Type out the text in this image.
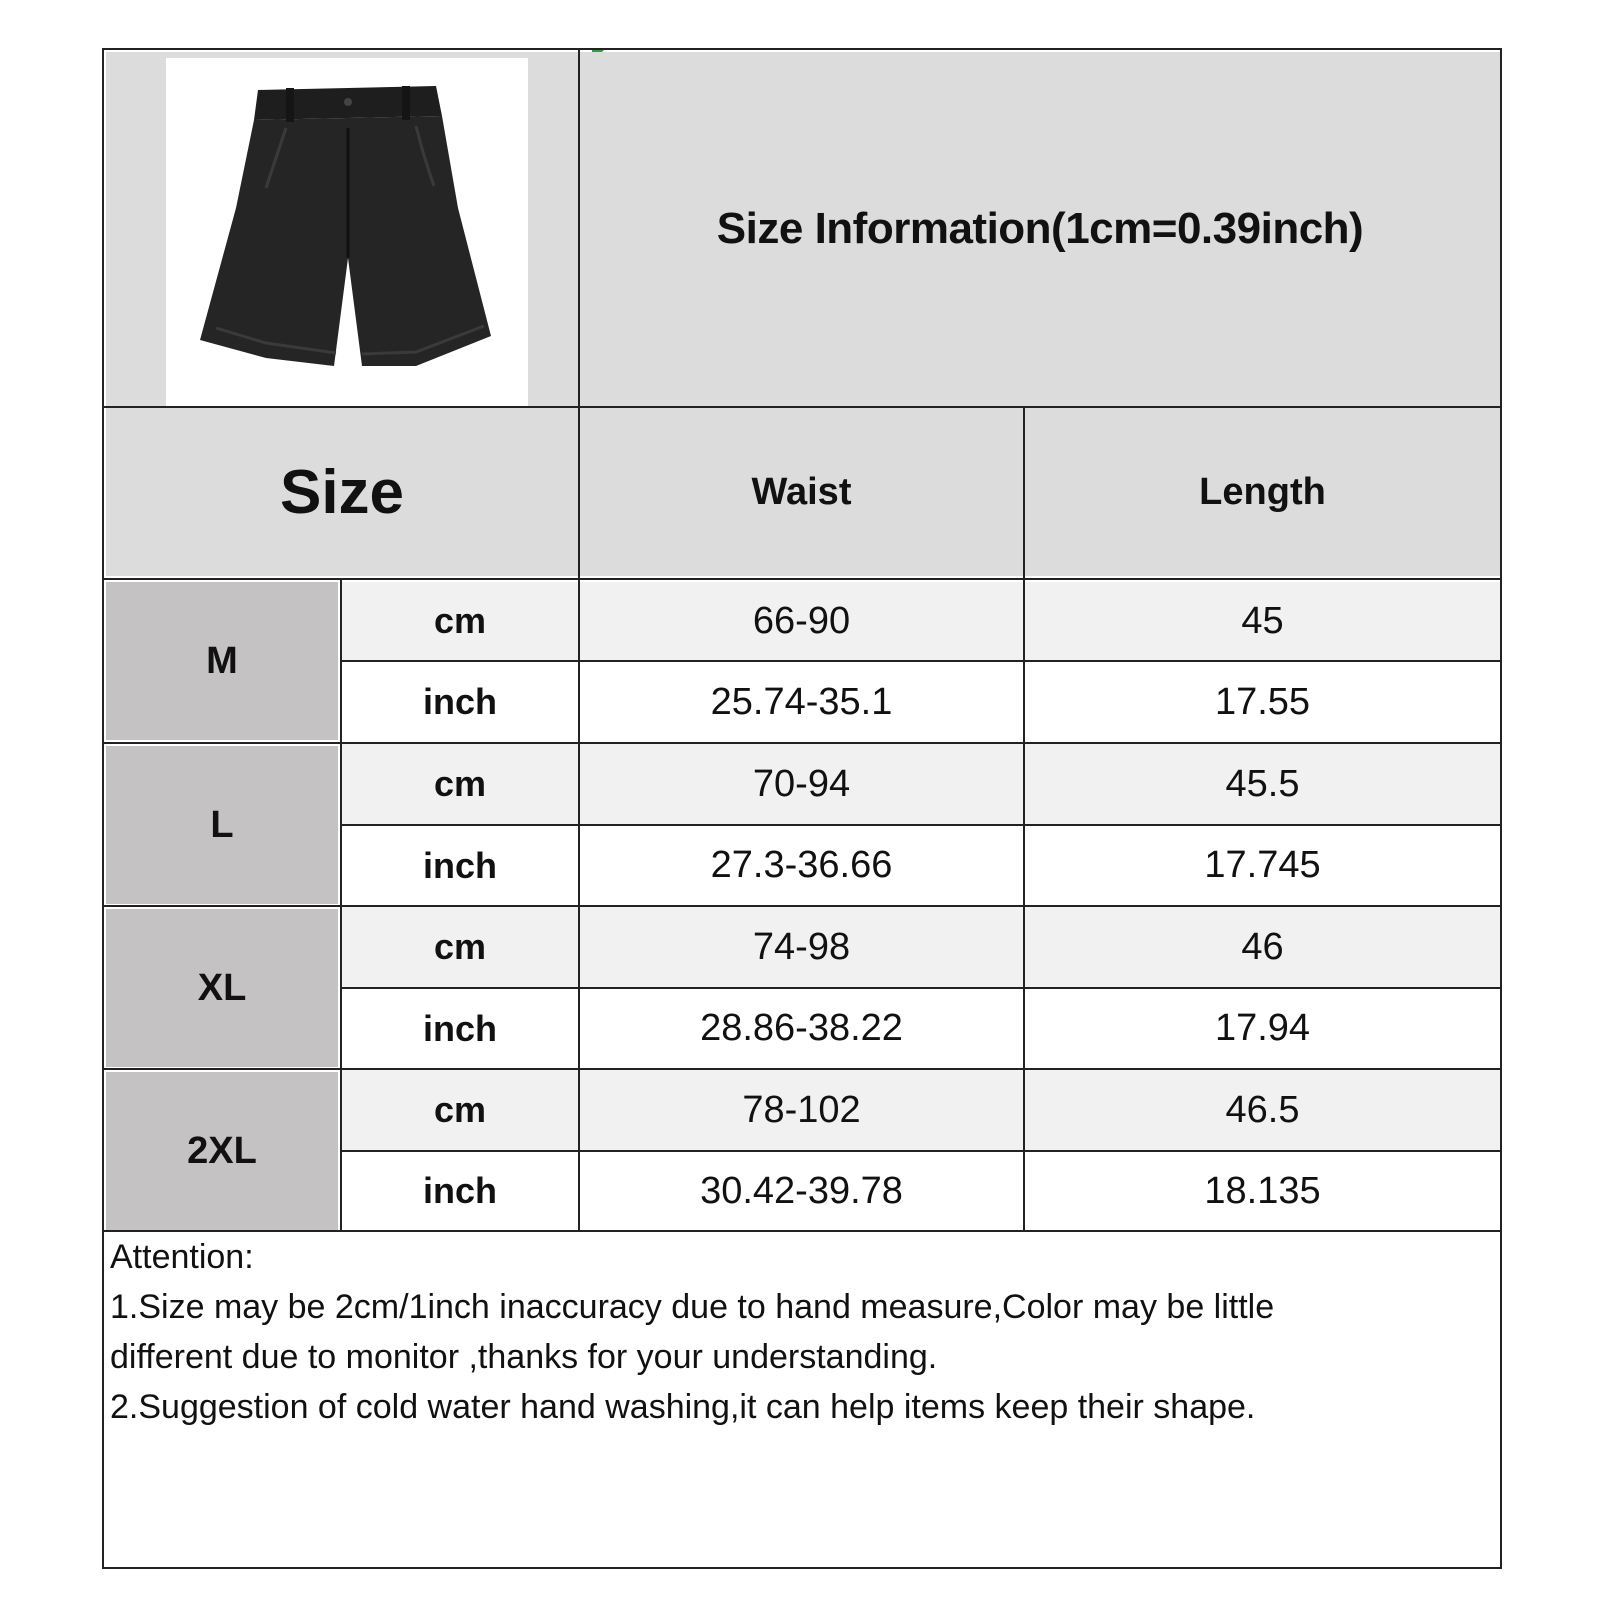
Size Information(1cm=0.39inch)
Size	Waist	Length
M
cm	66-90	45
inch	25.74-35.1	17.55
L
cm	70-94	45.5
inch	27.3-36.66	17.745
XL
cm	74-98	46
inch	28.86-38.22	17.94
2XL
cm	78-102	46.5
inch	30.42-39.78	18.135
Attention:
1.Size may be 2cm/1inch inaccuracy due to hand measure,Color may be little
different due to monitor ,thanks for your understanding.
2.Suggestion of cold water hand washing,it can help items keep their shape.
